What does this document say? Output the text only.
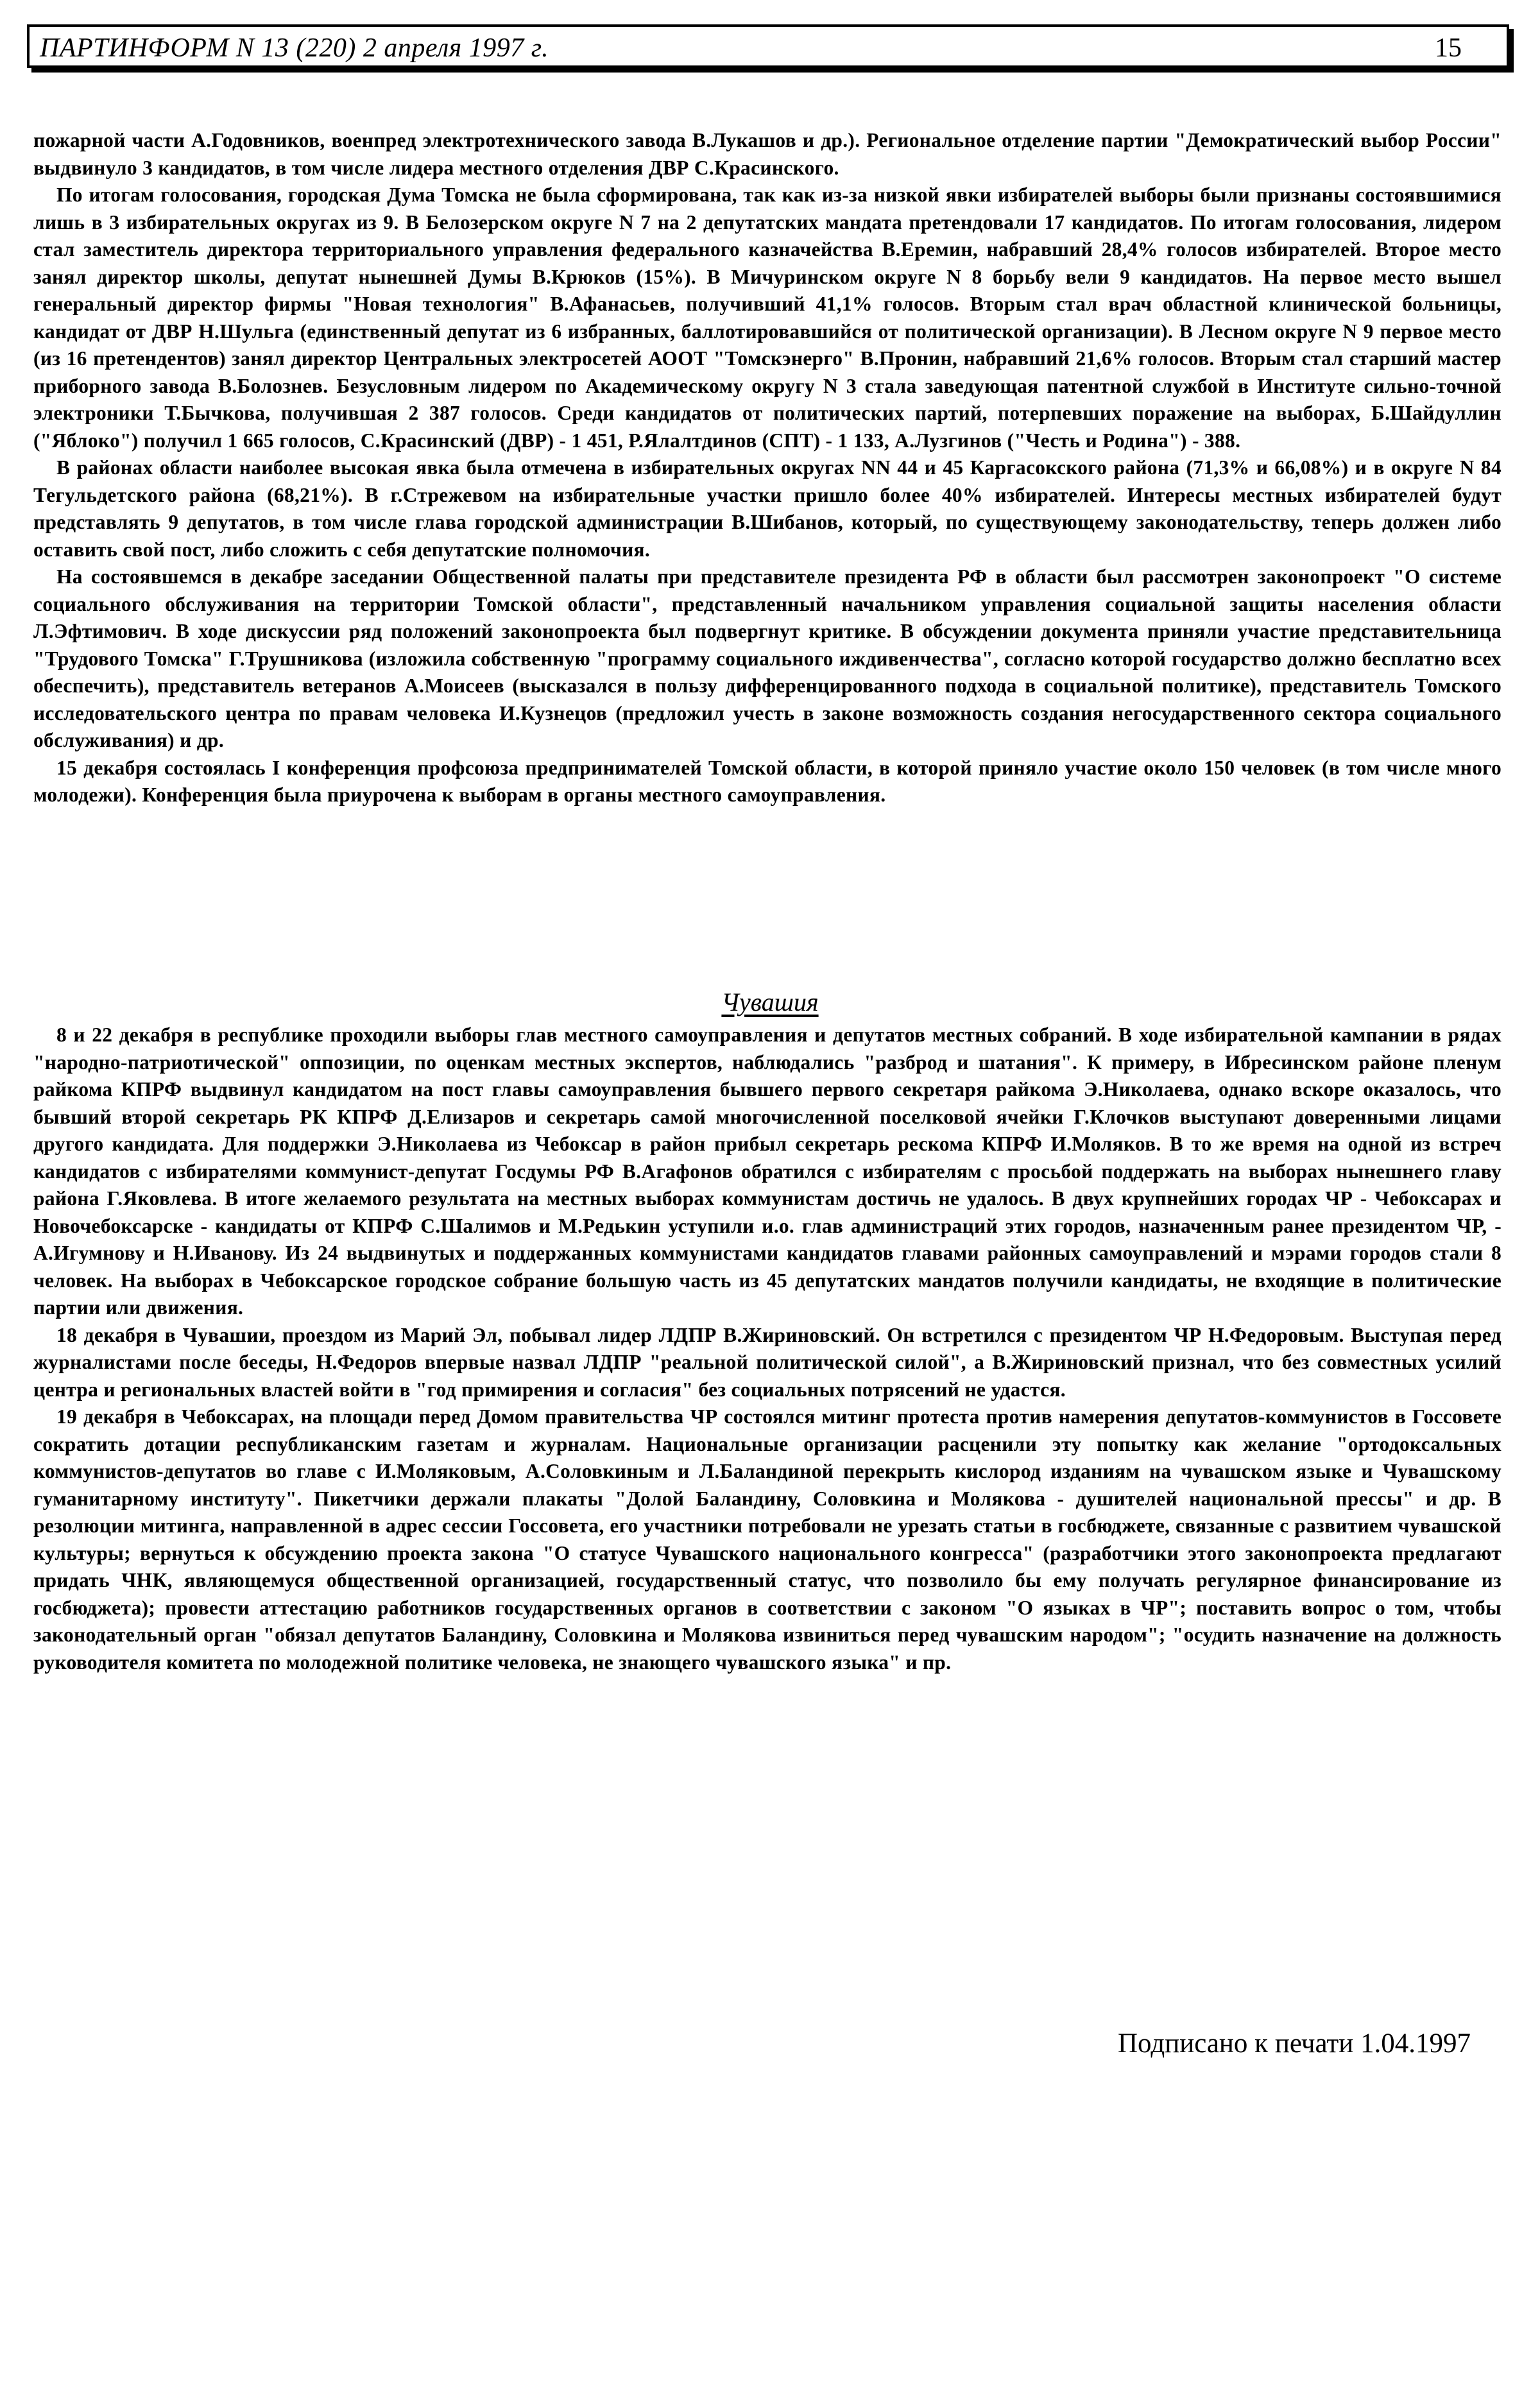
ПАРТИНФОРМ N 13 (220) 2 апреля 1997 г.	15

пожарной части А.Годовников, военпред электротехнического завода В.Лукашов и др.). Региональное отделение партии "Демократический выбор России" выдвинуло 3 кандидатов, в том числе лидера местного отделения ДВР С.Красинского.

По итогам голосования, городская Дума Томска не была сформирована, так как из-за низкой явки избирателей выборы были признаны состоявшимися лишь в 3 избирательных округах из 9. В Белозерском округе N 7 на 2 депутатских мандата претендовали 17 кандидатов. По итогам голосования, лидером стал заместитель директора территориального управления федерального казначейства В.Еремин, набравший 28,4% голосов избирателей. Второе место занял директор школы, депутат нынешней Думы В.Крюков (15%). В Мичуринском округе N 8 борьбу вели 9 кандидатов. На первое место вышел генеральный директор фирмы "Новая технология" В.Афанасьев, получивший 41,1% голосов. Вторым стал врач областной клинической больницы, кандидат от ДВР Н.Шульга (единственный депутат из 6 избранных, баллотировавшийся от политической организации). В Лесном округе N 9 первое место (из 16 претендентов) занял директор Центральных электросетей АООТ "Томскэнерго" В.Пронин, набравший 21,6% голосов. Вторым стал старший мастер приборного завода В.Болознев. Безусловным лидером по Академическому округу N 3 стала заведующая патентной службой в Институте сильно-точной электроники Т.Бычкова, получившая 2 387 голосов. Среди кандидатов от политических партий, потерпевших поражение на выборах, Б.Шайдуллин ("Яблоко") получил 1 665 голосов, С.Красинский (ДВР) - 1 451, Р.Ялалтдинов (СПТ) - 1 133, А.Лузгинов ("Честь и Родина") - 388.

В районах области наиболее высокая явка была отмечена в избирательных округах NN 44 и 45 Каргасокского района (71,3% и 66,08%) и в округе N 84 Тегульдетского района (68,21%). В г.Стрежевом на избирательные участки пришло более 40% избирателей. Интересы местных избирателей будут представлять 9 депутатов, в том числе глава городской администрации В.Шибанов, который, по существующему законодательству, теперь должен либо оставить свой пост, либо сложить с себя депутатские полномочия.

На состоявшемся в декабре заседании Общественной палаты при представителе президента РФ в области был рассмотрен законопроект "О системе социального обслуживания на территории Томской области", представленный начальником управления социальной защиты населения области Л.Эфтимович. В ходе дискуссии ряд положений законопроекта был подвергнут критике. В обсуждении документа приняли участие представительница "Трудового Томска" Г.Трушникова (изложила собственную "программу социального иждивенчества", согласно которой государство должно бесплатно всех обеспечить), представитель ветеранов А.Моисеев (высказался в пользу дифференцированного подхода в социальной политике), представитель Томского исследовательского центра по правам человека И.Кузнецов (предложил учесть в законе возможность создания негосударственного сектора социального обслуживания) и др.

15 декабря состоялась I конференция профсоюза предпринимателей Томской области, в которой приняло участие около 150 человек (в том числе много молодежи). Конференция была приурочена к выборам в органы местного самоуправления.

Чувашия

8 и 22 декабря в республике проходили выборы глав местного самоуправления и депутатов местных собраний. В ходе избирательной кампании в рядах "народно-патриотической" оппозиции, по оценкам местных экспертов, наблюдались "разброд и шатания". К примеру, в Ибресинском районе пленум райкома КПРФ выдвинул кандидатом на пост главы самоуправления бывшего первого секретаря райкома Э.Николаева, однако вскоре оказалось, что бывший второй секретарь РК КПРФ Д.Елизаров и секретарь самой многочисленной поселковой ячейки Г.Клочков выступают доверенными лицами другого кандидата. Для поддержки Э.Николаева из Чебоксар в район прибыл секретарь рескома КПРФ И.Моляков. В то же время на одной из встреч кандидатов с избирателями коммунист-депутат Госдумы РФ В.Агафонов обратился с избирателям с просьбой поддержать на выборах нынешнего главу района Г.Яковлева. В итоге желаемого результата на местных выборах коммунистам достичь не удалось. В двух крупнейших городах ЧР - Чебоксарах и Новочебоксарске - кандидаты от КПРФ С.Шалимов и М.Редькин уступили и.о. глав администраций этих городов, назначенным ранее президентом ЧР, - А.Игумнову и Н.Иванову. Из 24 выдвинутых и поддержанных коммунистами кандидатов главами районных самоуправлений и мэрами городов стали 8 человек. На выборах в Чебоксарское городское собрание большую часть из 45 депутатских мандатов получили кандидаты, не входящие в политические партии или движения.

18 декабря в Чувашии, проездом из Марий Эл, побывал лидер ЛДПР В.Жириновский. Он встретился с президентом ЧР Н.Федоровым. Выступая перед журналистами после беседы, Н.Федоров впервые назвал ЛДПР "реальной политической силой", а В.Жириновский признал, что без совместных усилий центра и региональных властей войти в "год примирения и согласия" без социальных потрясений не удастся.

19 декабря в Чебоксарах, на площади перед Домом правительства ЧР состоялся митинг протеста против намерения депутатов-коммунистов в Госсовете сократить дотации республиканским газетам и журналам. Национальные организации расценили эту попытку как желание "ортодоксальных коммунистов-депутатов во главе с И.Моляковым, А.Соловкиным и Л.Баландиной перекрыть кислород изданиям на чувашском языке и Чувашскому гуманитарному институту". Пикетчики держали плакаты "Долой Баландину, Соловкина и Молякова - душителей национальной прессы" и др. В резолюции митинга, направленной в адрес сессии Госсовета, его участники потребовали не урезать статьи в госбюджете, связанные с развитием чувашской культуры; вернуться к обсуждению проекта закона "О статусе Чувашского национального конгресса" (разработчики этого законопроекта предлагают придать ЧНК, являющемуся общественной организацией, государственный статус, что позволило бы ему получать регулярное финансирование из госбюджета); провести аттестацию работников государственных органов в соответствии с законом "О языках в ЧР"; поставить вопрос о том, чтобы законодательный орган "обязал депутатов Баландину, Соловкина и Молякова извиниться перед чувашским народом"; "осудить назначение на должность руководителя комитета по молодежной политике человека, не знающего чувашского языка" и пр.

Подписано к печати 1.04.1997
